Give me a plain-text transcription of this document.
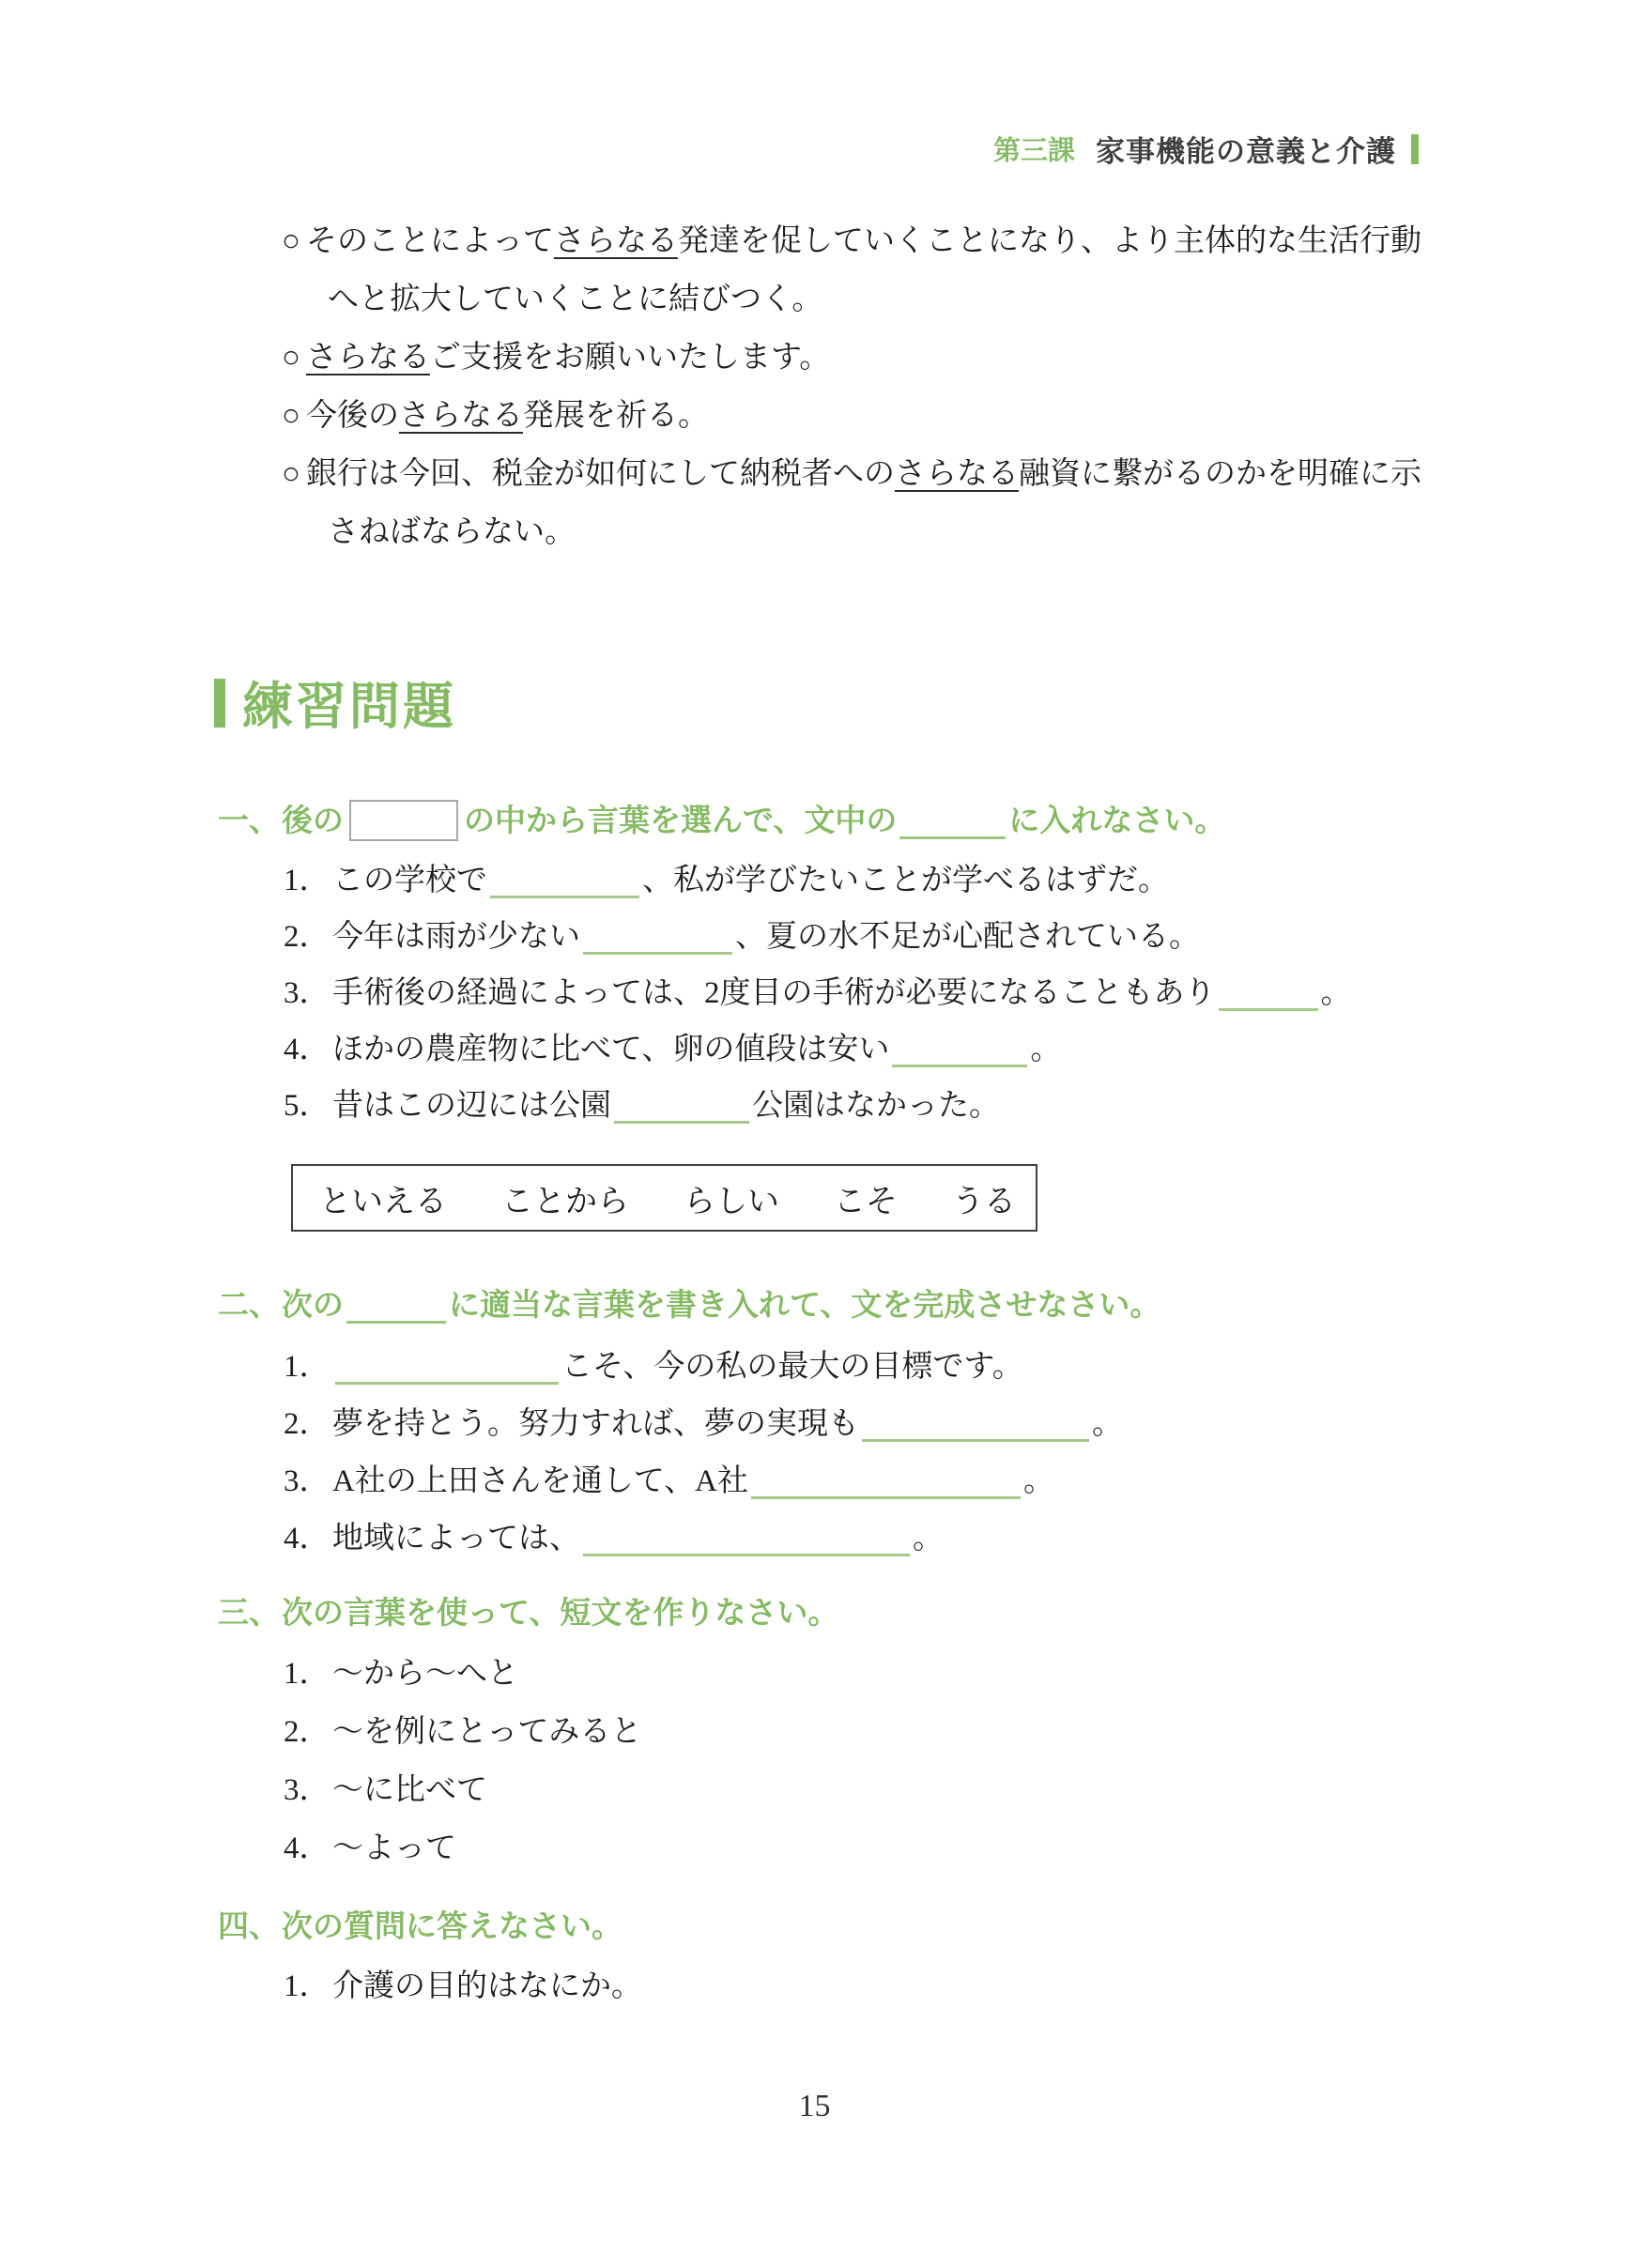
第三課 家事機能の意義と介護
○ そのことによってさらなる発達を促していくことになり、より主体的な生活行動へと拡大していくことに結びつく。
○ さらなるご支援をお願いいたします。
○ 今後のさらなる発展を祈る。
○ 銀行は今回、税金が如何にして納税者へのさらなる融資に繋がるのかを明確に示さねばならない。
練習問題
一、後の	の中から言葉を選んで、文中の	に入れなさい。
1．この学校で	、私が学びたいことが学べるはずだ。
2．今年は雨が少ない	、夏の水不足が心配されている。
3．手術後の経過によっては、2度目の手術が必要になることもあり	。
4．ほかの農産物に比べて、卵の値段は安い	。
5．昔はこの辺には公園	公園はなかった。
といえる ことから らしい こそ うる
二、次の	に適当な言葉を書き入れて、文を完成させなさい。
1．	こそ、今の私の最大の目標です。
2．夢を持とう。努力すれば、夢の実現も	。
3．A社の上田さんを通して、A社	。
4．地域によっては、	。
三、次の言葉を使って、短文を作りなさい。
1．〜から〜へと
2．〜を例にとってみると
3．〜に比べて
4．〜よって
四、次の質問に答えなさい。
1．介護の目的はなにか。
15
